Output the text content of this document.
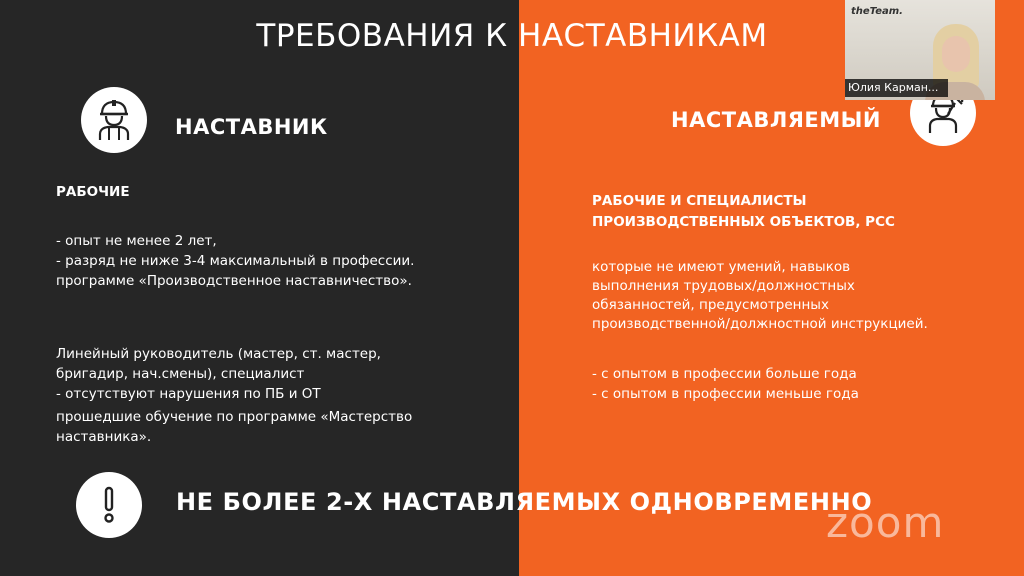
ТРЕБОВАНИЯ К НАСТАВНИКАМ
НАСТАВНИК
РАБОЧИЕ
- опыт не менее 2 лет,
- разряд не ниже 3-4 максимальный в профессии.
программе «Производственное наставничество».
Линейный руководитель (мастер, ст. мастер,
бригадир, нач.смены), специалист
- отсутствуют нарушения по ПБ и ОТ
прошедшие обучение по программе «Мастерство
наставника».
НАСТАВЛЯЕМЫЙ
РАБОЧИЕ И СПЕЦИАЛИСТЫ
ПРОИЗВОДСТВЕННЫХ ОБЪЕКТОВ, РСС
которые не имеют умений, навыков
выполнения трудовых/должностных
обязанностей, предусмотренных
производственной/должностной инструкцией.
- с опытом в профессии больше года
- с опытом в профессии меньше года
НЕ БОЛЕЕ 2-Х НАСТАВЛЯЕМЫХ ОДНОВРЕМЕННО
theTeam.
Юлия Карман...
zoom
